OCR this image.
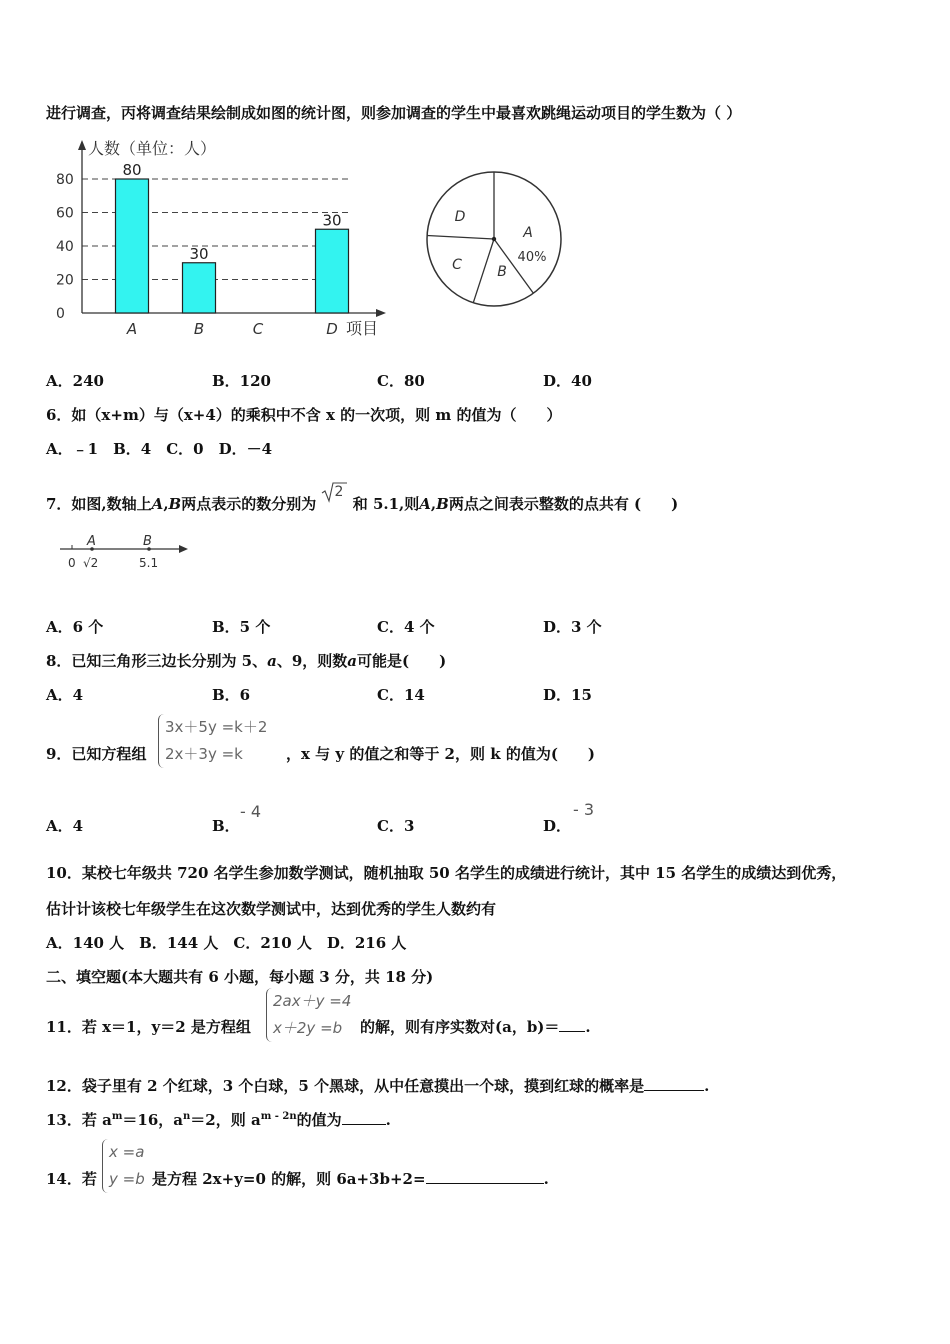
进行调查，丙将调查结果绘制成如图的统计图，则参加调查的学生中最喜欢跳绳运动项目的学生数为（ ）
0
20
40
60
80
人数（单位：人）
项目
80
A
30
B	C
30
D
A
B
C
D
40%
A．240	B．120	C．80	D．40
6．如（x+m）与（x+4）的乘积中不含 x 的一次项，则 m 的值为（　　）
A．﹣1　B．4　C．0　D．－4
7．如图,数轴上A,B两点表示的数分别为
2
和 5.1,则A,B两点之间表示整数的点共有 (　　)
A	B
0 √2	5.1
A．6 个	B．5 个	C．4 个	D．3 个
8．已知三角形三边长分别为 5、a、9，则数a可能是(　　)
A．4	B．6	C．14	D．15
9．已知方程组
3x＋5y =k＋2
2x＋3y =k	，x 与 y 的值之和等于 2，则 k 的值为(　　)
A．4	B．
- 4
C．3	D．
- 3
10．某校七年级共 720 名学生参加数学测试，随机抽取 50 名学生的成绩进行统计，其中 15 名学生的成绩达到优秀，
估计计该校七年级学生在这次数学测试中，达到优秀的学生人数约有
A．140 人　B．144 人　C．210 人　D．216 人
二、填空题(本大题共有 6 小题，每小题 3 分，共 18 分)
11．若 x＝1，y＝2 是方程组
2ax＋y =4
x＋2y =b	的解，则有序实数对(a，b)＝ .
12．袋子里有 2 个红球，3 个白球，5 个黑球，从中任意摸出一个球，摸到红球的概率是	.
13．若 $a^m=16$，$a^n=2$，则 $a^{m - 2n}$的值为	.
14．若
x =a
y =b 是方程 2x+y=0 的解，则 6a+3b+2=	.
